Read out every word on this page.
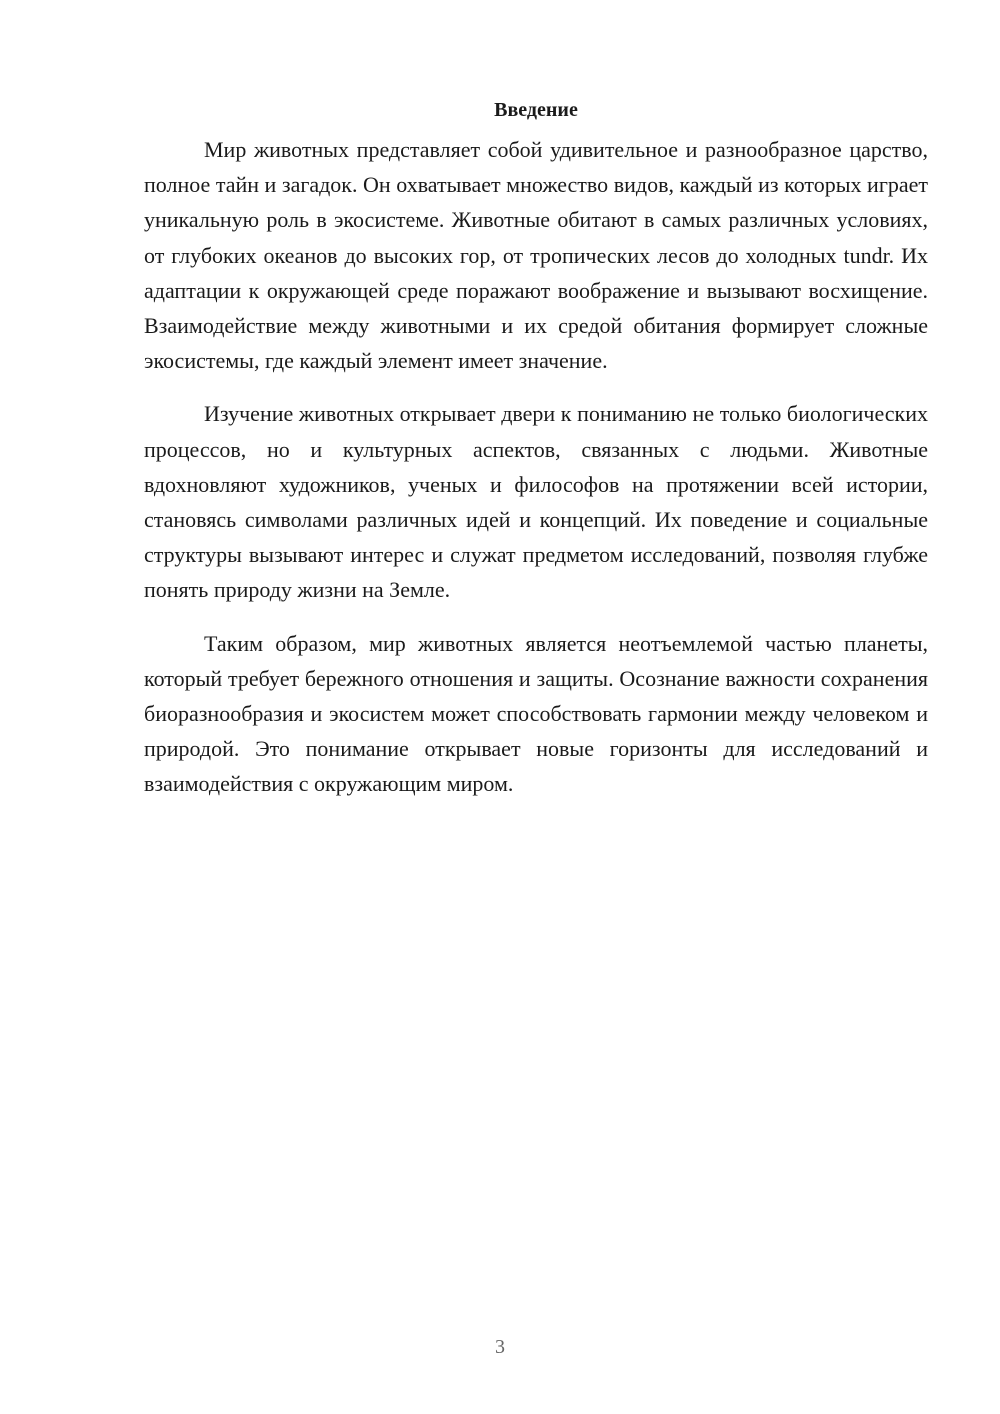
Введение

Мир животных представляет собой удивительное и разнообразное царство, полное тайн и загадок. Он охватывает множество видов, каждый из которых играет уникальную роль в экосистеме. Животные обитают в самых различных условиях, от глубоких океанов до высоких гор, от тропических лесов до холодных tundr. Их адаптации к окружающей среде поражают воображение и вызывают восхищение. Взаимодействие между животными и их средой обитания формирует сложные экосистемы, где каждый элемент имеет значение.

Изучение животных открывает двери к пониманию не только биологических процессов, но и культурных аспектов, связанных с людьми. Животные вдохновляют художников, ученых и философов на протяжении всей истории, становясь символами различных идей и концепций. Их поведение и социальные структуры вызывают интерес и служат предметом исследований, позволяя глубже понять природу жизни на Земле.

Таким образом, мир животных является неотъемлемой частью планеты, который требует бережного отношения и защиты. Осознание важности сохранения биоразнообразия и экосистем может способствовать гармонии между человеком и природой. Это понимание открывает новые горизонты для исследований и взаимодействия с окружающим миром.

3
